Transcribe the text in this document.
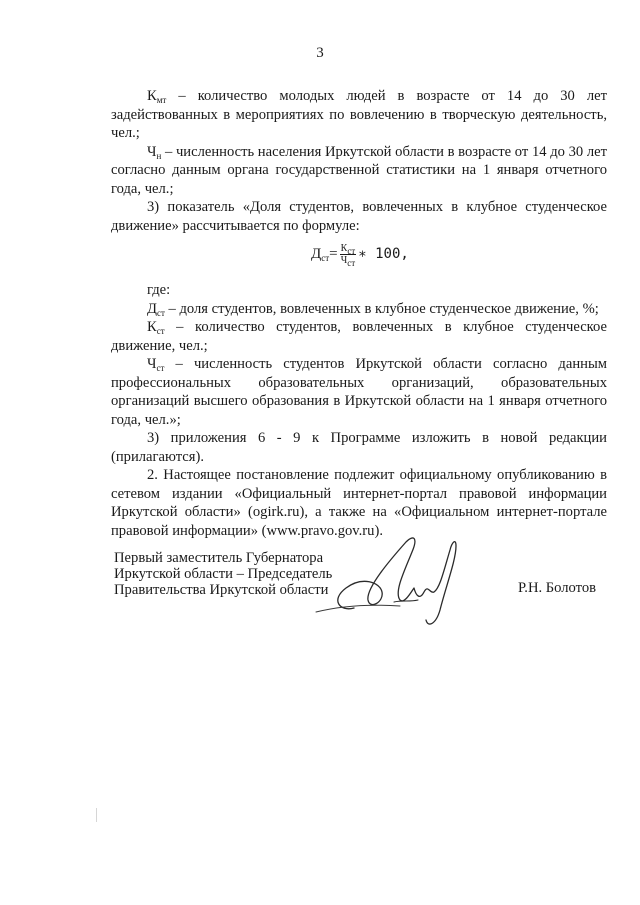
3

$К_{мт}$ – количество молодых людей в возрасте от 14 до 30 лет задействованных в мероприятиях по вовлечению в творческую деятельность, чел.;

$Ч_н$ – численность населения Иркутской области в возрасте от 14 до 30 лет согласно данным органа государственной статистики на 1 января отчетного года, чел.;

3) показатель «Доля студентов, вовлеченных в клубное студенческое движение» рассчитывается по формуле:

$Д_{ст}= \frac{\text{Кст}}{\text{Чст}}$ ∗ 100,

где:

$Д_{ст}$ – доля студентов, вовлеченных в клубное студенческое движение, %;

$К_{ст}$ – количество студентов, вовлеченных в клубное студенческое движение, чел.;

$Ч_{ст}$ – численность студентов Иркутской области согласно данным профессиональных образовательных организаций, образовательных организаций высшего образования в Иркутской области на 1 января отчетного года, чел.»;

3) приложения 6 - 9 к Программе изложить в новой редакции (прилагаются).

2. Настоящее постановление подлежит официальному опубликованию в сетевом издании «Официальный интернет-портал правовой информации Иркутской области» (ogirk.ru), а также на «Официальном интернет-портале правовой информации» (www.pravo.gov.ru).

Первый заместитель Губернатора
Иркутской области – Председатель
Правительства Иркутской области	Р.Н. Болотов
